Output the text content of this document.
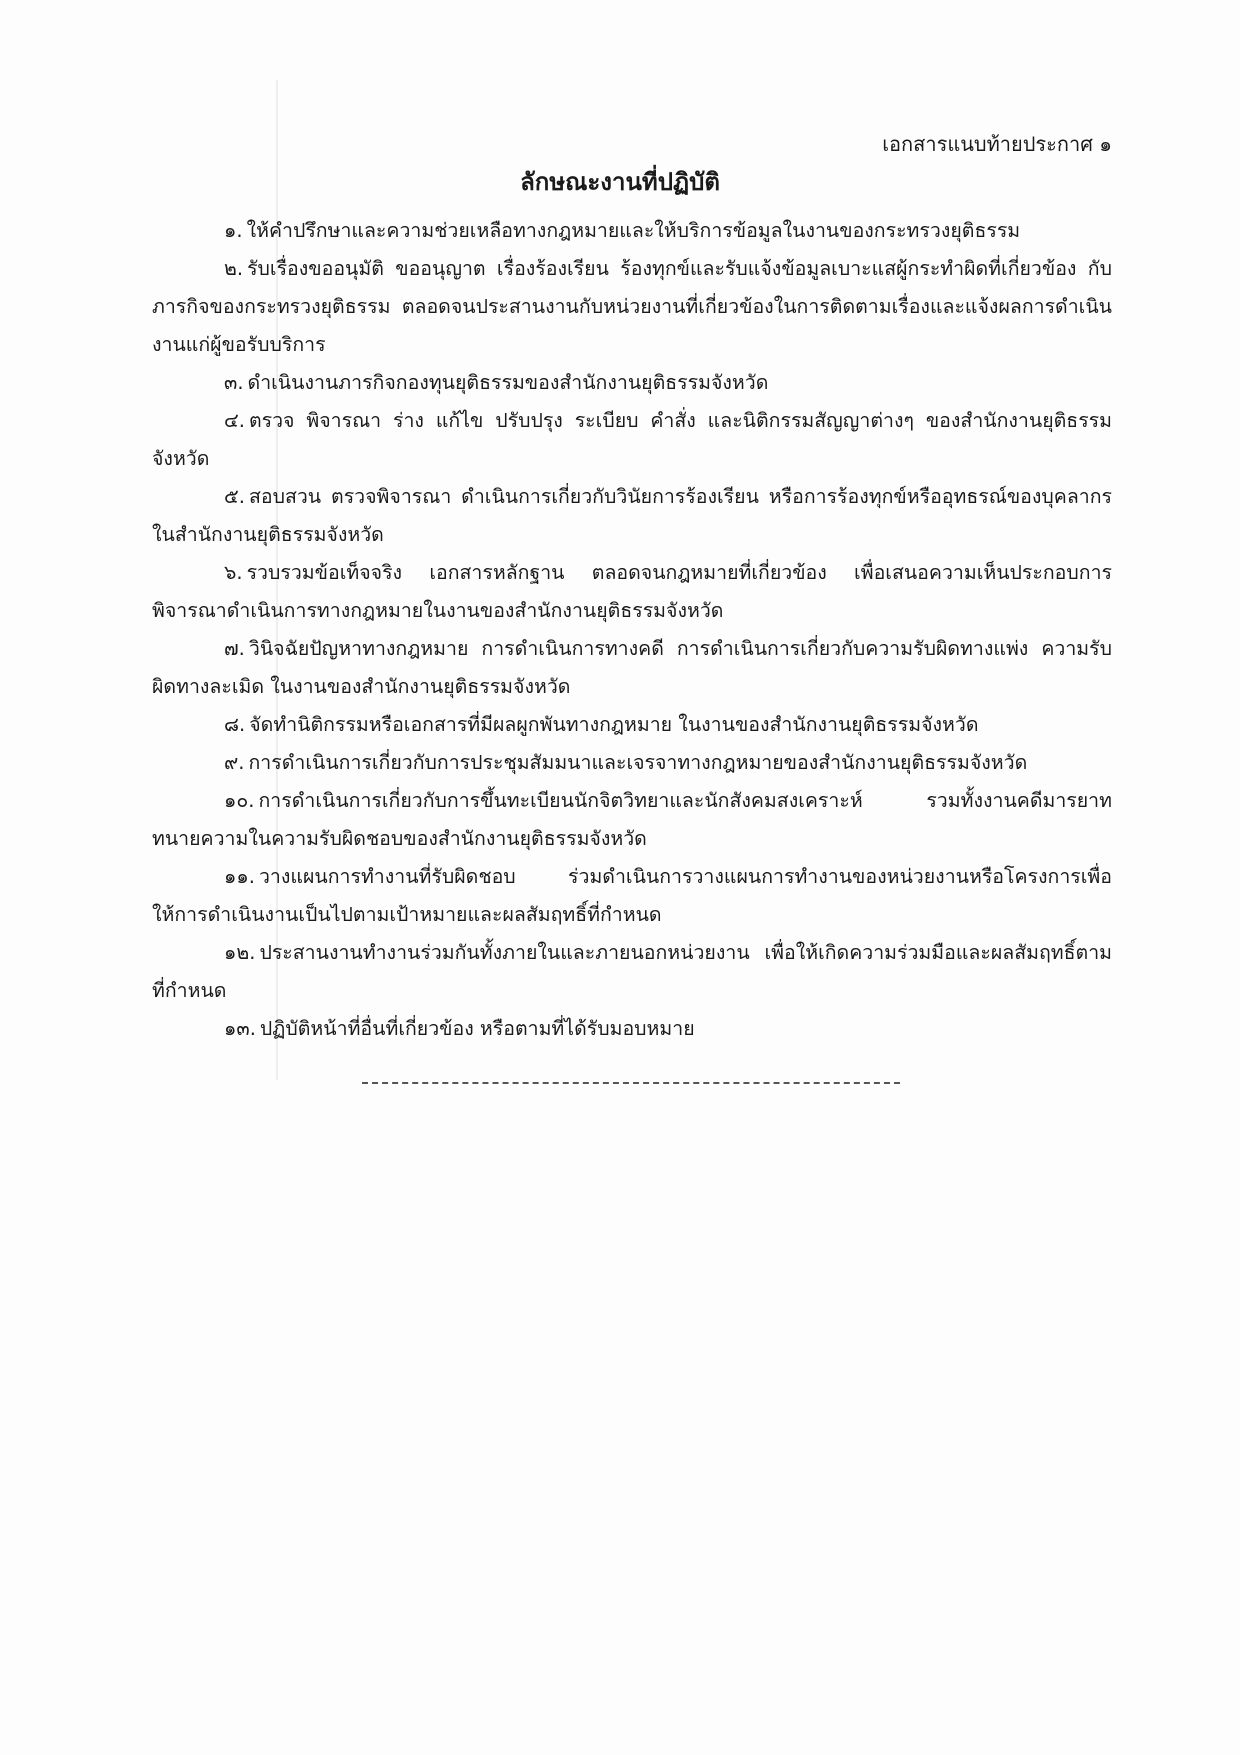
เอกสารแนบท้ายประกาศ ๑
ลักษณะงานที่ปฏิบัติ

๑. ให้คำปรึกษาและความช่วยเหลือทางกฎหมายและให้บริการข้อมูลในงานของกระทรวงยุติธรรม

๒. รับเรื่องขออนุมัติ ขออนุญาต เรื่องร้องเรียน ร้องทุกข์และรับแจ้งข้อมูลเบาะแสผู้กระทำผิดที่เกี่ยวข้อง กับภารกิจของกระทรวงยุติธรรม ตลอดจนประสานงานกับหน่วยงานที่เกี่ยวข้องในการติดตามเรื่องและแจ้งผลการดำเนินงานแก่ผู้ขอรับบริการ

๓. ดำเนินงานภารกิจกองทุนยุติธรรมของสำนักงานยุติธรรมจังหวัด

๔. ตรวจ พิจารณา ร่าง แก้ไข ปรับปรุง ระเบียบ คำสั่ง และนิติกรรมสัญญาต่างๆ ของสำนักงานยุติธรรมจังหวัด

๕. สอบสวน ตรวจพิจารณา ดำเนินการเกี่ยวกับวินัยการร้องเรียน หรือการร้องทุกข์หรืออุทธรณ์ของบุคลากรในสำนักงานยุติธรรมจังหวัด

๖. รวบรวมข้อเท็จจริง เอกสารหลักฐาน ตลอดจนกฎหมายที่เกี่ยวข้อง เพื่อเสนอความเห็นประกอบการพิจารณาดำเนินการทางกฎหมายในงานของสำนักงานยุติธรรมจังหวัด

๗. วินิจฉัยปัญหาทางกฎหมาย การดำเนินการทางคดี การดำเนินการเกี่ยวกับความรับผิดทางแพ่ง ความรับผิดทางละเมิด ในงานของสำนักงานยุติธรรมจังหวัด

๘. จัดทำนิติกรรมหรือเอกสารที่มีผลผูกพันทางกฎหมาย ในงานของสำนักงานยุติธรรมจังหวัด

๙. การดำเนินการเกี่ยวกับการประชุมสัมมนาและเจรจาทางกฎหมายของสำนักงานยุติธรรมจังหวัด

๑๐. การดำเนินการเกี่ยวกับการขึ้นทะเบียนนักจิตวิทยาและนักสังคมสงเคราะห์ รวมทั้งงานคดีมารยาททนายความในความรับผิดชอบของสำนักงานยุติธรรมจังหวัด

๑๑. วางแผนการทำงานที่รับผิดชอบ ร่วมดำเนินการวางแผนการทำงานของหน่วยงานหรือโครงการเพื่อให้การดำเนินงานเป็นไปตามเป้าหมายและผลสัมฤทธิ์ที่กำหนด

๑๒. ประสานงานทำงานร่วมกันทั้งภายในและภายนอกหน่วยงาน เพื่อให้เกิดความร่วมมือและผลสัมฤทธิ์ตามที่กำหนด

๑๓. ปฏิบัติหน้าที่อื่นที่เกี่ยวข้อง หรือตามที่ได้รับมอบหมาย
